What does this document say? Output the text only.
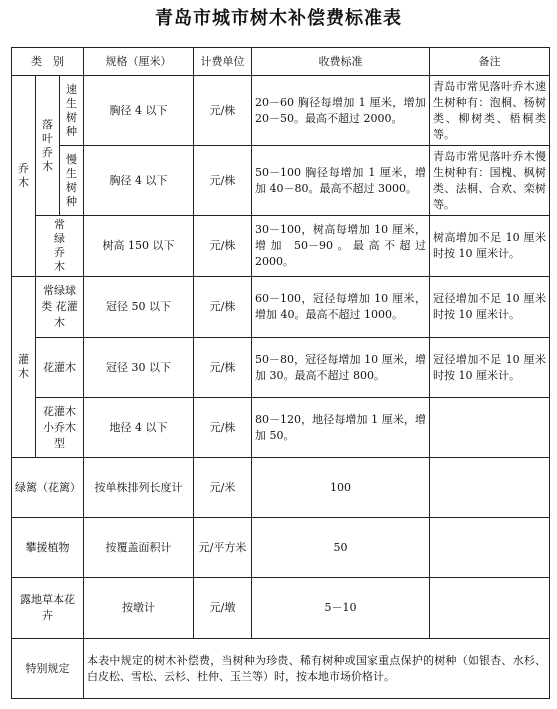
青岛市城市树木补偿费标准表
类　别			规格（厘米）	计费单位	收费标准	备注
乔木	落叶乔木	速生树种	胸径 4 以下	元/株	20－60 胸径每增加 1 厘米，增加 20－50。最高不超过 2000。	青岛市常见落叶乔木速生树种有：泡桐、杨树类、柳树类、梧桐类等。
		慢生树种	胸径 4 以下	元/株	50－100 胸径每增加 1 厘米，增加 40－80。最高不超过 3000。	青岛市常见落叶乔木慢生树种有：国槐、枫树类、法桐、合欢、栾树等。
	常绿乔木		树高 150 以下	元/株	30－100，树高每增加 10 厘米，增加 50－90。最高不超过 2000。	树高增加不足 10 厘米时按 10 厘米计。
灌木	常绿球类 花灌木		冠径 50 以下	元/株	60－100，冠径每增加 10 厘米，增加 40。最高不超过 1000。	冠径增加不足 10 厘米时按 10 厘米计。
	花灌木		冠径 30 以下	元/株	50－80，冠径每增加 10 厘米，增加 30。最高不超过 800。	冠径增加不足 10 厘米时按 10 厘米计。
	花灌木小乔木型		地径 4 以下	元/株	80－120，地径每增加 1 厘米，增加 50。	
绿篱（花篱）			按单株排列长度计	元/米	100	
攀援植物			按覆盖面积计	元/平方米	50	
露地草本花卉			按墩计	元/墩	5－10	
特别规定			本表中规定的树木补偿费，当树种为珍贵、稀有树种或国家重点保护的树种（如银杏、水杉、白皮松、雪松、云杉、杜仲、玉兰等）时，按本地市场价格计。			
